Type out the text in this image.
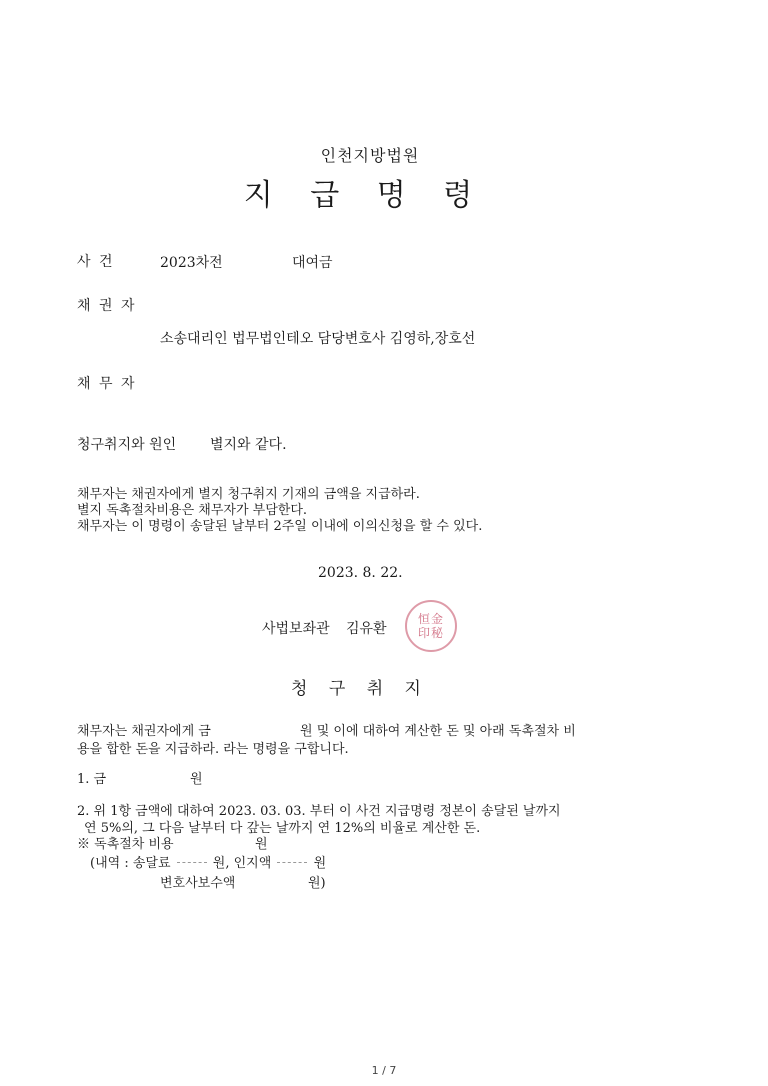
인천지방법원
지 급 명 령
사 건	2023차전	대여금
채 권 자
소송대리인 법무법인테오 담당변호사 김영하,장호선
채 무 자
청구취지와 원인 별지와 같다.
채무자는 채권자에게 별지 청구취지 기재의 금액을 지급하라.
별지 독촉절차비용은 채무자가 부담한다.
채무자는 이 명령이 송달된 날부터 2주일 이내에 이의신청을 할 수 있다.
2023. 8. 22.
사법보좌관 김유환
恒金
印秘
청 구 취 지
채무자는 채권자에게 금	원 및 이에 대하여 계산한 돈 및 아래 독촉절차 비
용을 합한 돈을 지급하라. 라는 명령을 구합니다.
1. 금	원
2. 위 1항 금액에 대하여 2023. 03. 03. 부터 이 사건 지급명령 정본이 송달된 날까지
연 5%의, 그 다음 날부터 다 갚는 날까지 연 12%의 비율로 계산한 돈.
※ 독촉절차 비용	원
(내역 : 송달료	원, 인지액	원
변호사보수액	원)
1 / 7
